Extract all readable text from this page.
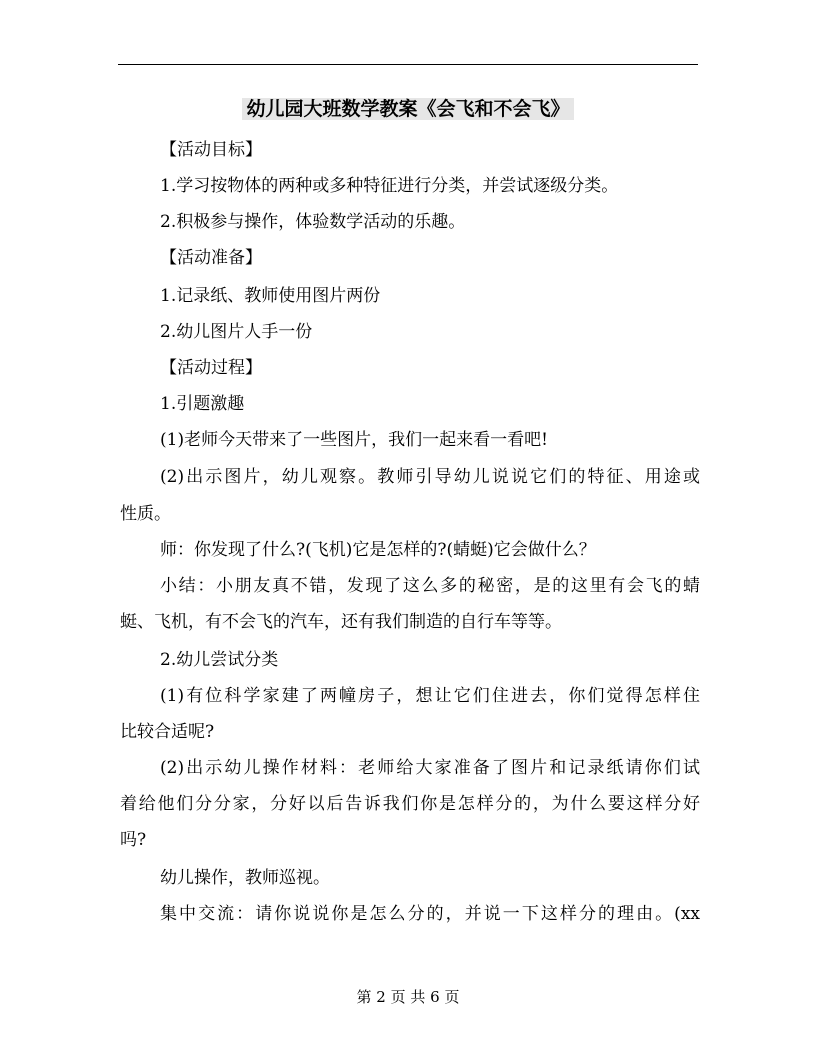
幼儿园大班数学教案《会飞和不会飞》
【活动目标】
1.学习按物体的两种或多种特征进行分类，并尝试逐级分类。
2.积极参与操作，体验数学活动的乐趣。
【活动准备】
1.记录纸、教师使用图片两份
2.幼儿图片人手一份
【活动过程】
1.引题激趣
(1)老师今天带来了一些图片，我们一起来看一看吧!
(2)出示图片，幼儿观察。教师引导幼儿说说它们的特征、用途或
性质。
师：你发现了什么?(飞机)它是怎样的?(蜻蜓)它会做什么？
小结：小朋友真不错，发现了这么多的秘密，是的这里有会飞的蜻
蜓、飞机，有不会飞的汽车，还有我们制造的自行车等等。
2.幼儿尝试分类
(1)有位科学家建了两幢房子，想让它们住进去，你们觉得怎样住
比较合适呢?
(2)出示幼儿操作材料：老师给大家准备了图片和记录纸请你们试
着给他们分分家，分好以后告诉我们你是怎样分的，为什么要这样分好
吗?
幼儿操作，教师巡视。
集中交流：请你说说你是怎么分的，并说一下这样分的理由。(xx
第 2 页 共 6 页
